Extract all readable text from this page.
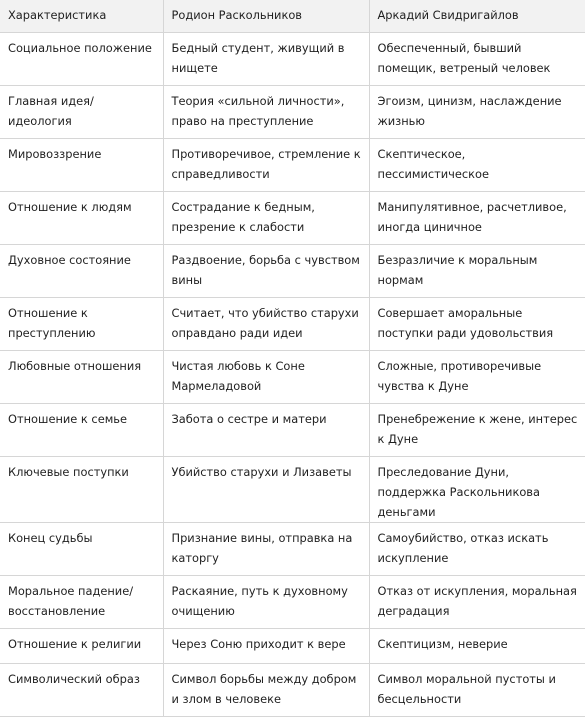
Характеристика	Родион Раскольников	Аркадий Свидригайлов
Социальное положение	Бедный студент, живущий в нищете	Обеспеченный, бывший помещик, ветреный человек
Главная идея/идеология	Теория «сильной личности», право на преступление	Эгоизм, цинизм, наслаждение жизнью
Мировоззрение	Противоречивое, стремление к справедливости	Скептическое, пессимистическое
Отношение к людям	Сострадание к бедным, презрение к слабости	Манипулятивное, расчетливое, иногда циничное
Духовное состояние	Раздвоение, борьба с чувством вины	Безразличие к моральным нормам
Отношение к преступлению	Считает, что убийство старухи оправдано ради идеи	Совершает аморальные поступки ради удовольствия
Любовные отношения	Чистая любовь к Соне Мармеладовой	Сложные, противоречивые чувства к Дуне
Отношение к семье	Забота о сестре и матери	Пренебрежение к жене, интерес к Дуне
Ключевые поступки	Убийство старухи и Лизаветы	Преследование Дуни, поддержка Раскольникова деньгами
Конец судьбы	Признание вины, отправка на каторгу	Самоубийство, отказ искать искупление
Моральное падение/ восстановление	Раскаяние, путь к духовному очищению	Отказ от искупления, моральная деградация
Отношение к религии	Через Соню приходит к вере	Скептицизм, неверие
Символический образ	Символ борьбы между добром и злом в человеке	Символ моральной пустоты и бесцельности
